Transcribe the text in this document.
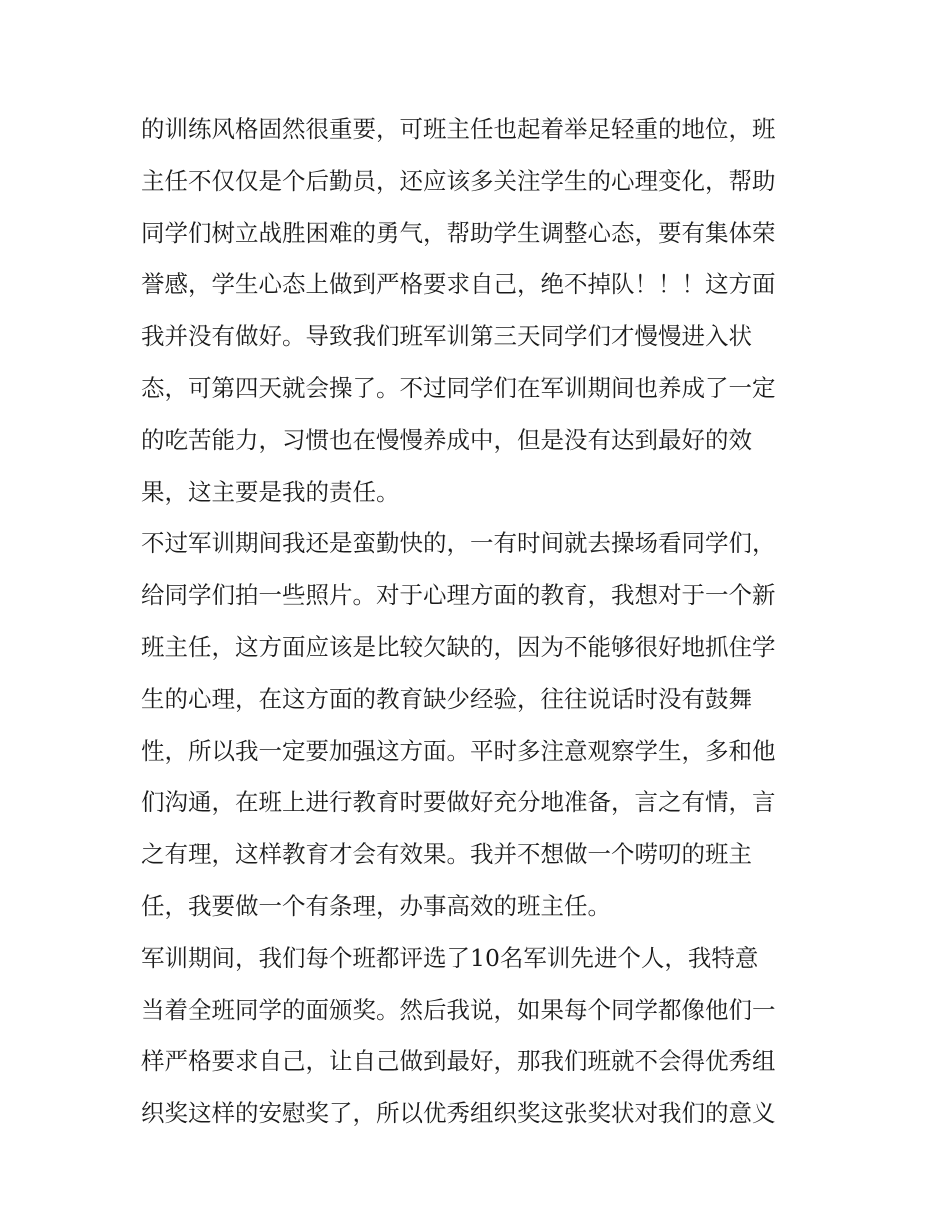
的训练风格固然很重要，可班主任也起着举足轻重的地位，班
主任不仅仅是个后勤员，还应该多关注学生的心理变化，帮助
同学们树立战胜困难的勇气，帮助学生调整心态，要有集体荣
誉感，学生心态上做到严格要求自己，绝不掉队！！！这方面
我并没有做好。导致我们班军训第三天同学们才慢慢进入状
态，可第四天就会操了。不过同学们在军训期间也养成了一定
的吃苦能力，习惯也在慢慢养成中，但是没有达到最好的效
果，这主要是我的责任。
不过军训期间我还是蛮勤快的，一有时间就去操场看同学们，
给同学们拍一些照片。对于心理方面的教育，我想对于一个新
班主任，这方面应该是比较欠缺的，因为不能够很好地抓住学
生的心理，在这方面的教育缺少经验，往往说话时没有鼓舞
性，所以我一定要加强这方面。平时多注意观察学生，多和他
们沟通，在班上进行教育时要做好充分地准备，言之有情，言
之有理，这样教育才会有效果。我并不想做一个唠叨的班主
任，我要做一个有条理，办事高效的班主任。
军训期间，我们每个班都评选了10名军训先进个人，我特意
当着全班同学的面颁奖。然后我说，如果每个同学都像他们一
样严格要求自己，让自己做到最好，那我们班就不会得优秀组
织奖这样的安慰奖了，所以优秀组织奖这张奖状对我们的意义
